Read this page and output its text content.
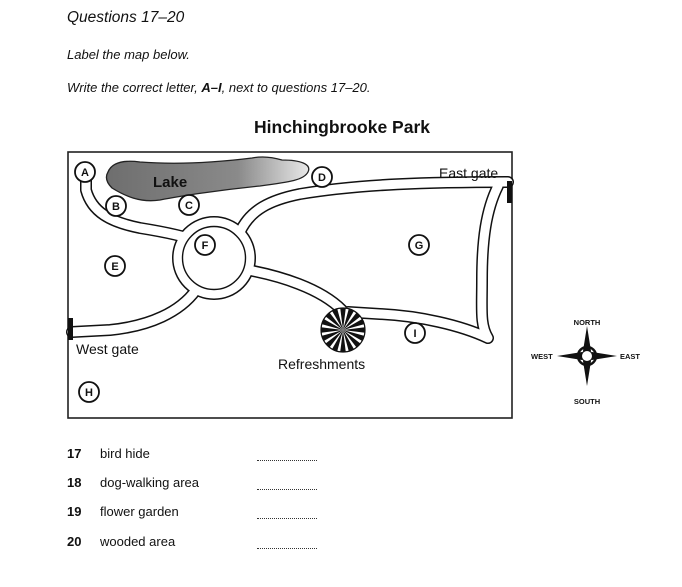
Questions 17–20
Label the map below.
Write the correct letter, A–I, next to questions 17–20.
Hinchingbrooke Park
Lake
East gate
West gate
Refreshments
A
B	C
D
E
F	G
H
I
NORTH
SOUTH
EAST
WEST
17	bird hide
18	dog-walking area
19	flower garden
20	wooded area
